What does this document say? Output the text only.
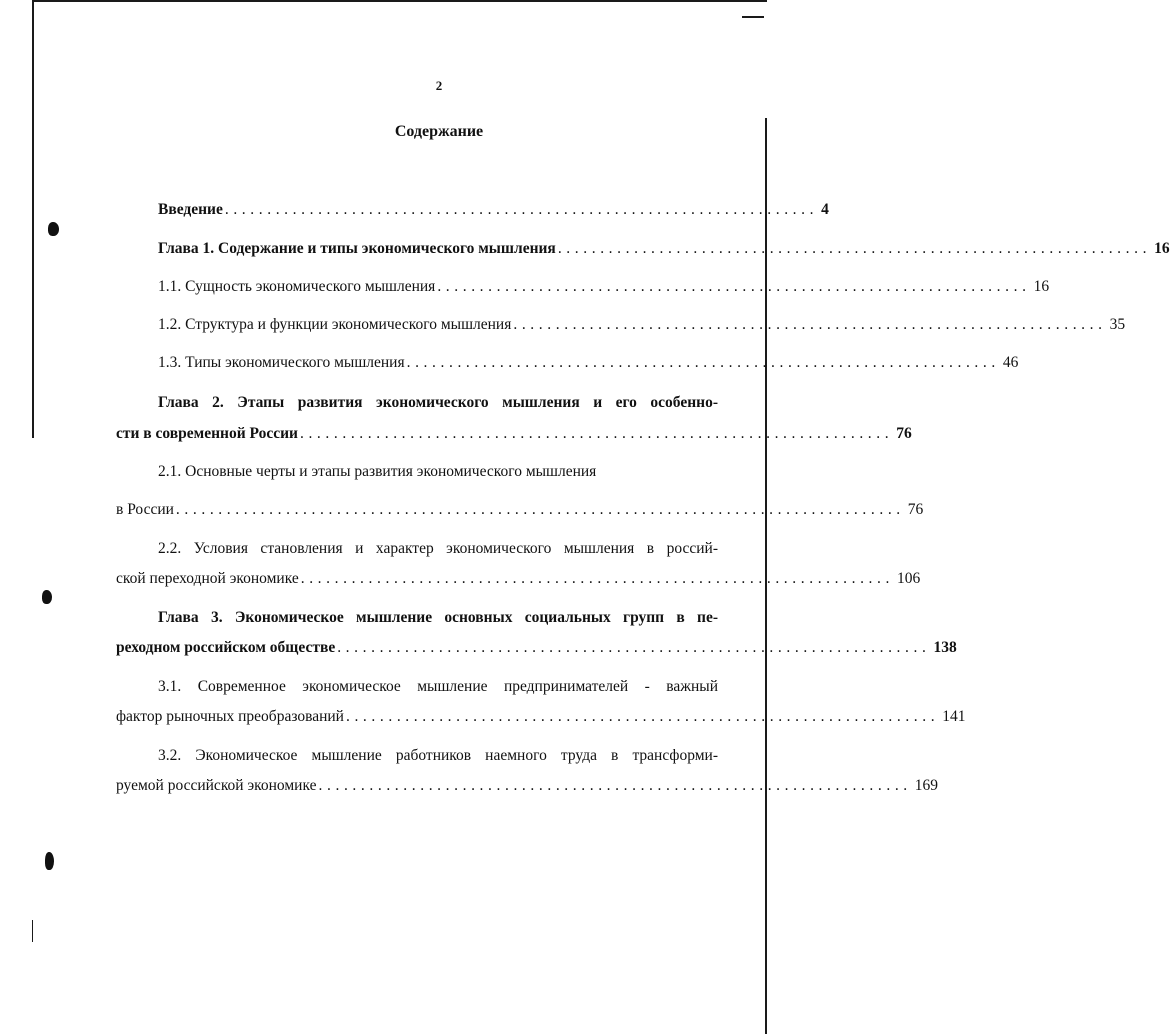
2
Содержание
Введение ...................................................................... 4
Глава 1. Содержание и типы экономического мышления ...................................................................... 16
1.1. Сущность экономического мышления ...................................................................... 16
1.2. Структура и функции экономического мышления ...................................................................... 35
1.3. Типы экономического мышления ...................................................................... 46
Глава 2. Этапы развития экономического мышления и его особенно-
сти в современной России ...................................................................... 76
2.1. Основные черты и этапы развития экономического мышления
в России ...................................................................................... 76
2.2. Условия становления и характер экономического мышления в россий-
ской переходной экономике ...................................................................... 106
Глава 3. Экономическое мышление основных социальных групп в пе-
реходном российском обществе ...................................................................... 138
3.1. Современное экономическое мышление предпринимателей - важный
фактор рыночных преобразований ...................................................................... 141
3.2. Экономическое мышление работников наемного труда в трансформи-
руемой российской экономике ...................................................................... 169
